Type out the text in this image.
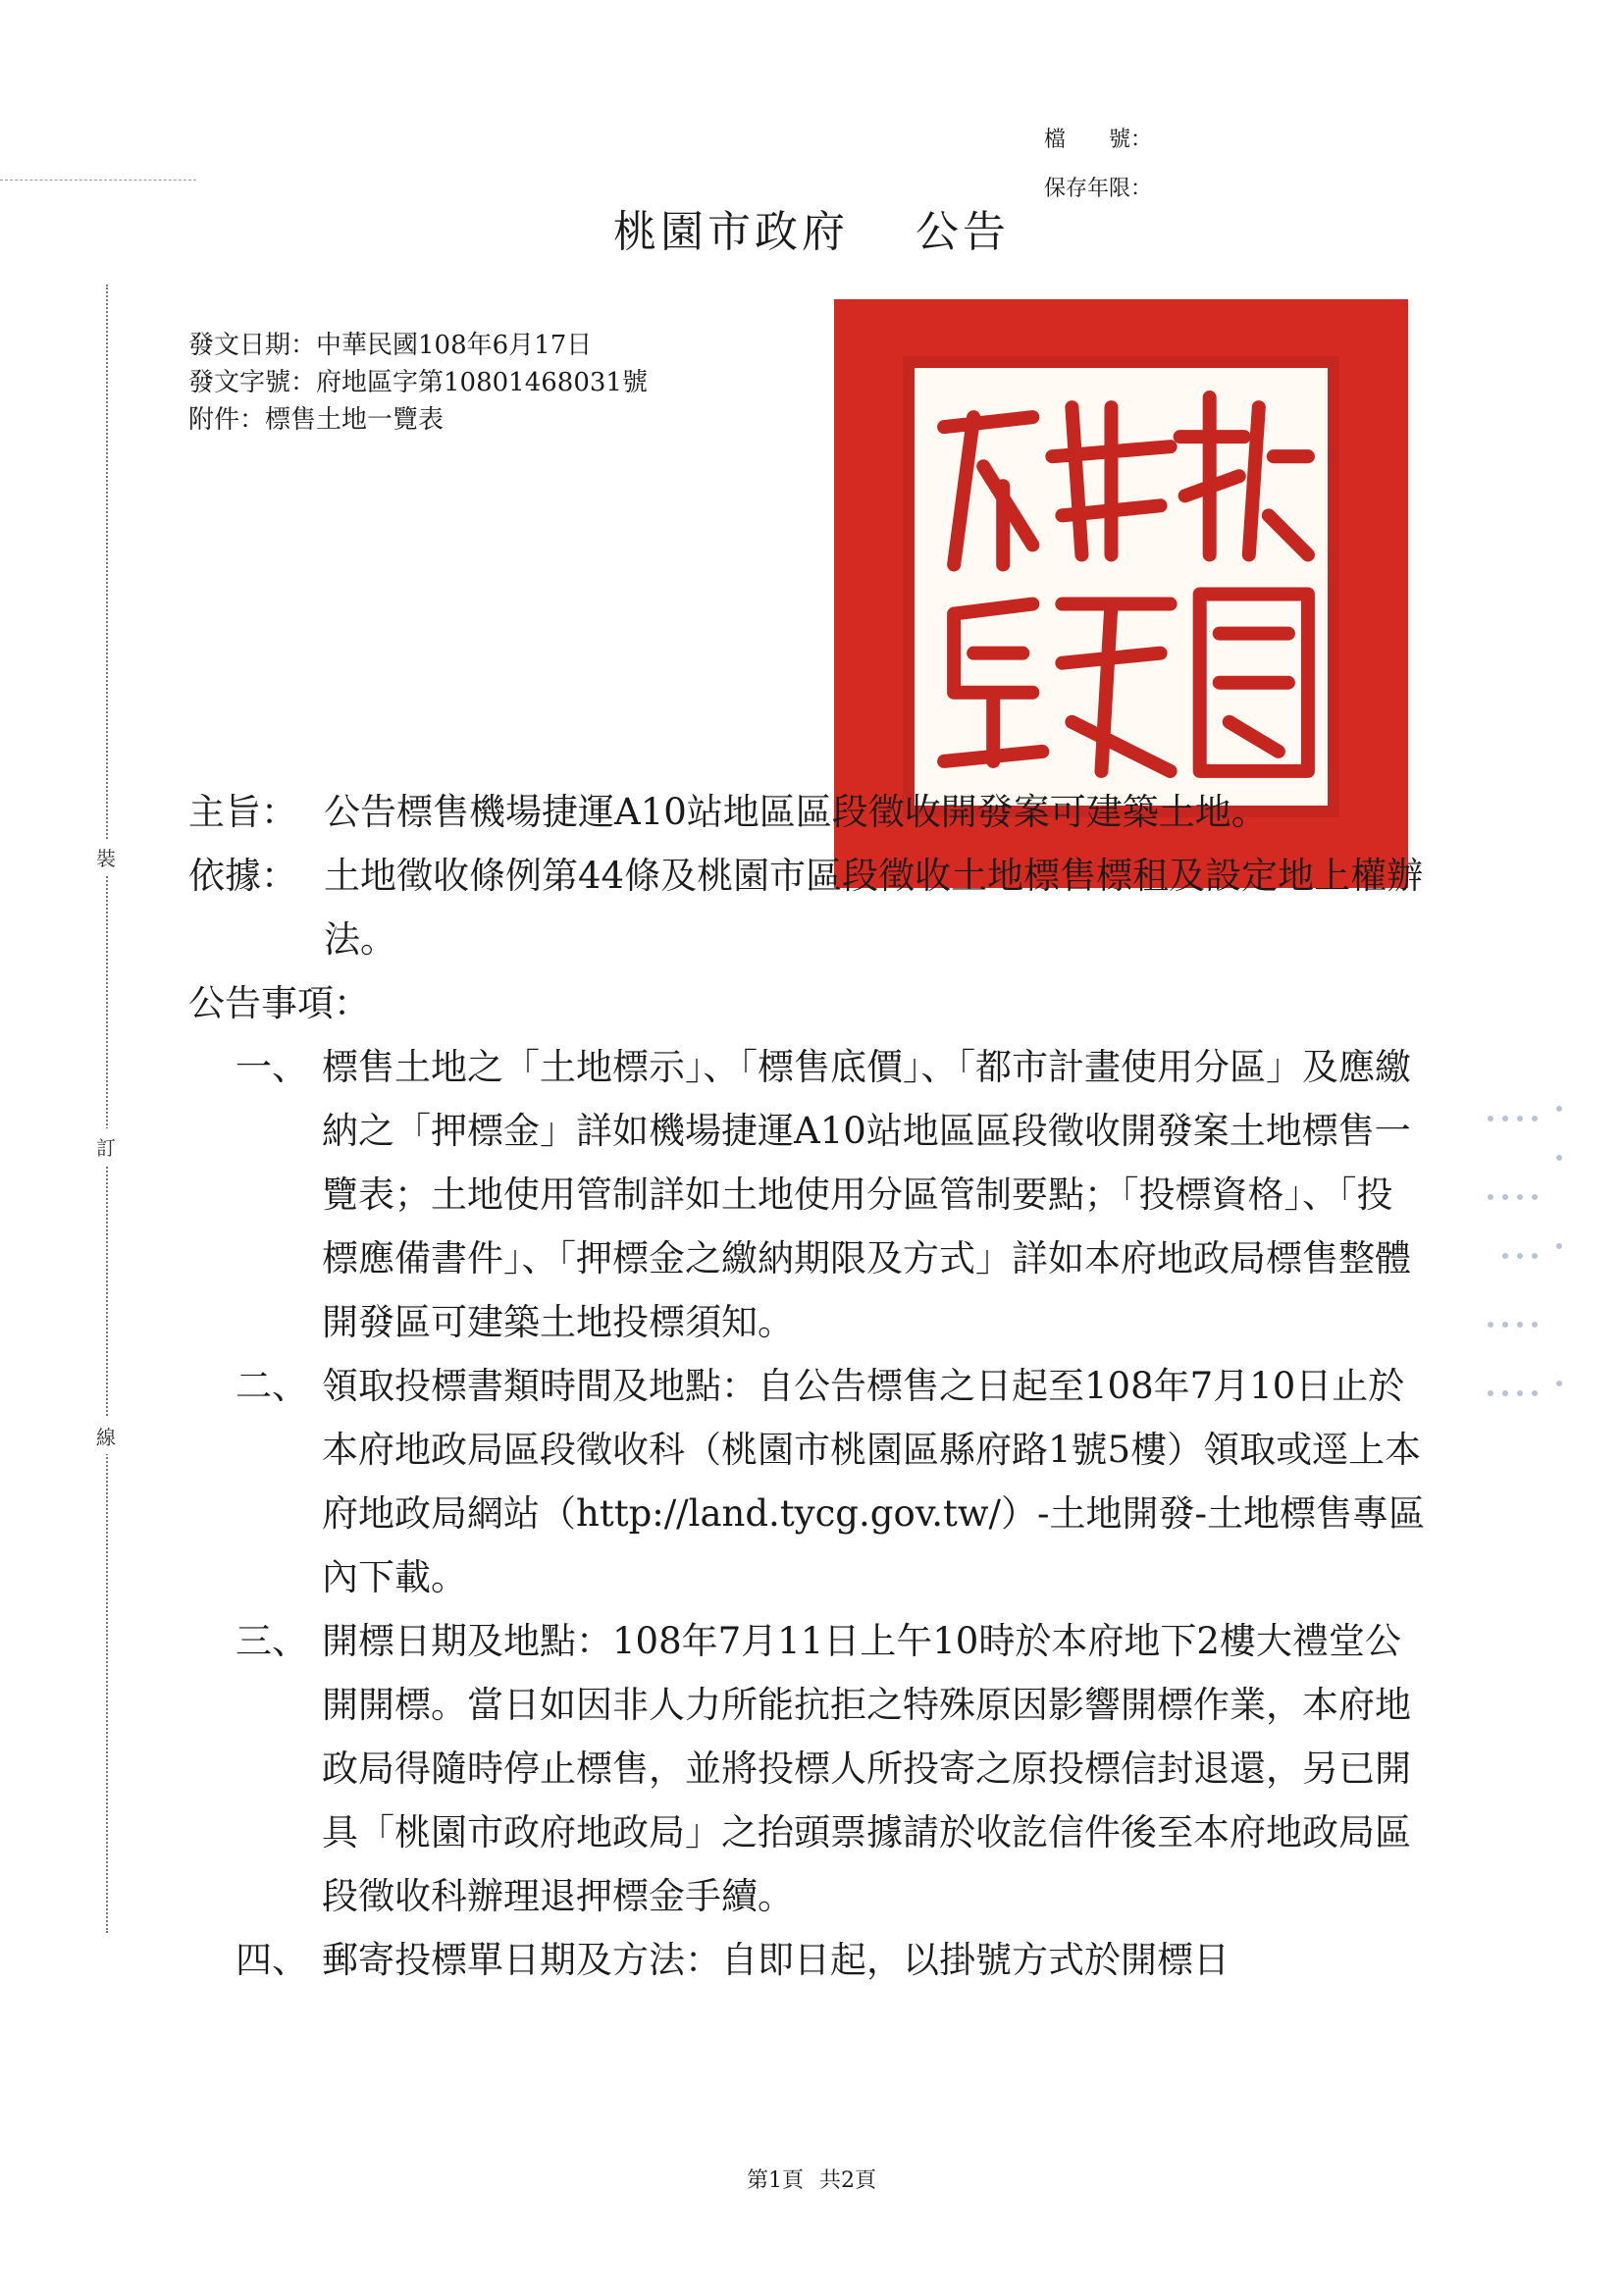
檔　　號：
保存年限：
裝
訂
線
桃園市政府 公告
發文日期：中華民國108年6月17日
發文字號：府地區字第10801468031號
附件：標售土地一覽表
主旨： 公告標售機場捷運A10站地區區段徵收開發案可建築土地。
依據： 土地徵收條例第44條及桃園市區段徵收土地標售標租及設定地上權辦法。
公告事項：
一、 標售土地之「土地標示」、「標售底價」、「都市計畫使用分區」及應繳納之「押標金」詳如機場捷運A10站地區區段徵收開發案土地標售一覽表；土地使用管制詳如土地使用分區管制要點；「投標資格」、「投標應備書件」、「押標金之繳納期限及方式」詳如本府地政局標售整體開發區可建築土地投標須知。
二、 領取投標書類時間及地點：自公告標售之日起至108年7月10日止於本府地政局區段徵收科（桃園市桃園區縣府路1號5樓）領取或逕上本府地政局網站（http://land.tycg.gov.tw/）-土地開發-土地標售專區內下載。
三、 開標日期及地點：108年7月11日上午10時於本府地下2樓大禮堂公開開標。當日如因非人力所能抗拒之特殊原因影響開標作業，本府地政局得隨時停止標售，並將投標人所投寄之原投標信封退還，另已開具「桃園市政府地政局」之抬頭票據請於收訖信件後至本府地政局區段徵收科辦理退押標金手續。
四、 郵寄投標單日期及方法：自即日起，以掛號方式於開標日
第1頁 共2頁
